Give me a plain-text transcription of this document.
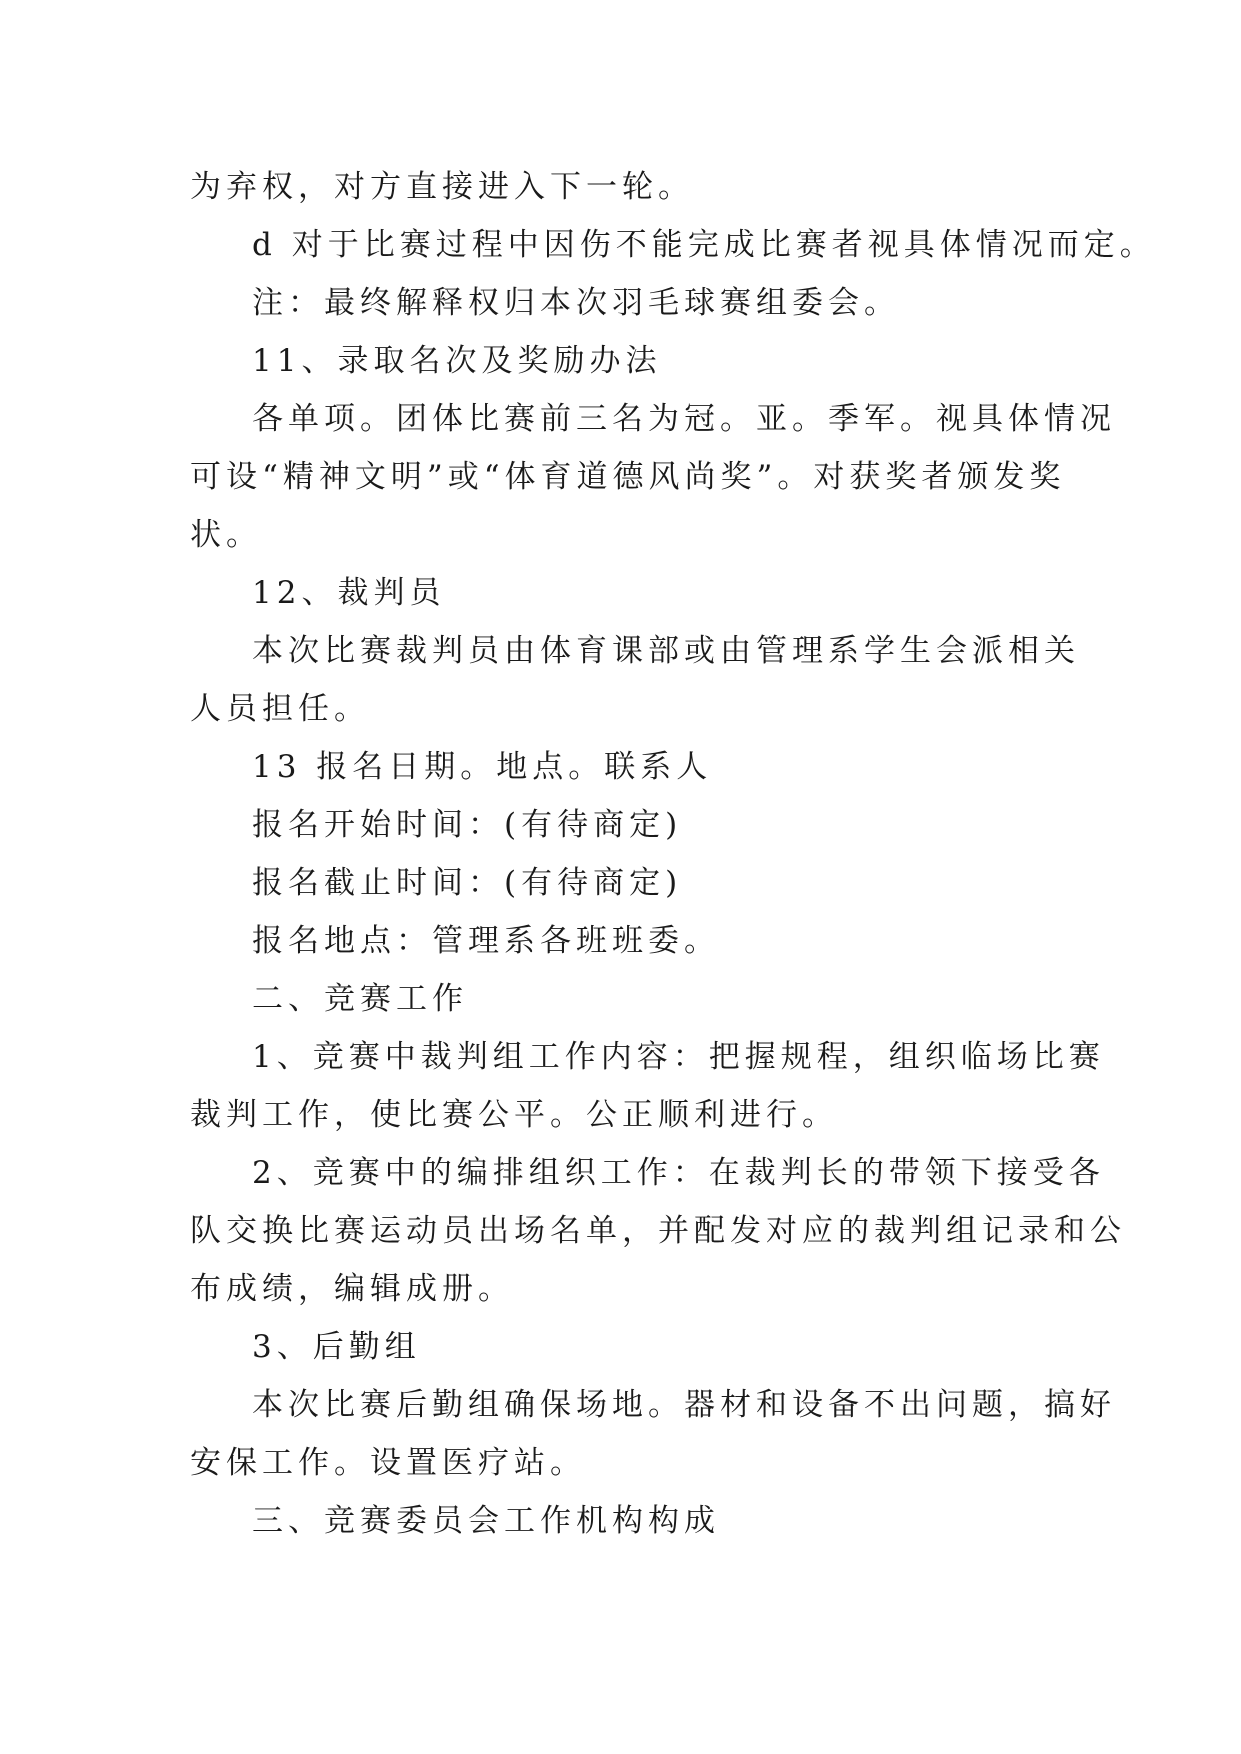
为弃权，对方直接进入下一轮。
d 对于比赛过程中因伤不能完成比赛者视具体情况而定。
注：最终解释权归本次羽毛球赛组委会。
11、录取名次及奖励办法
各单项。团体比赛前三名为冠。亚。季军。视具体情况
可设“精神文明”或“体育道德风尚奖”。对获奖者颁发奖
状。
12、裁判员
本次比赛裁判员由体育课部或由管理系学生会派相关
人员担任。
13 报名日期。地点。联系人
报名开始时间：(有待商定)
报名截止时间：(有待商定)
报名地点：管理系各班班委。
二、竞赛工作
1、竞赛中裁判组工作内容：把握规程，组织临场比赛
裁判工作，使比赛公平。公正顺利进行。
2、竞赛中的编排组织工作：在裁判长的带领下接受各
队交换比赛运动员出场名单，并配发对应的裁判组记录和公
布成绩，编辑成册。
3、后勤组
本次比赛后勤组确保场地。器材和设备不出问题，搞好
安保工作。设置医疗站。
三、竞赛委员会工作机构构成
